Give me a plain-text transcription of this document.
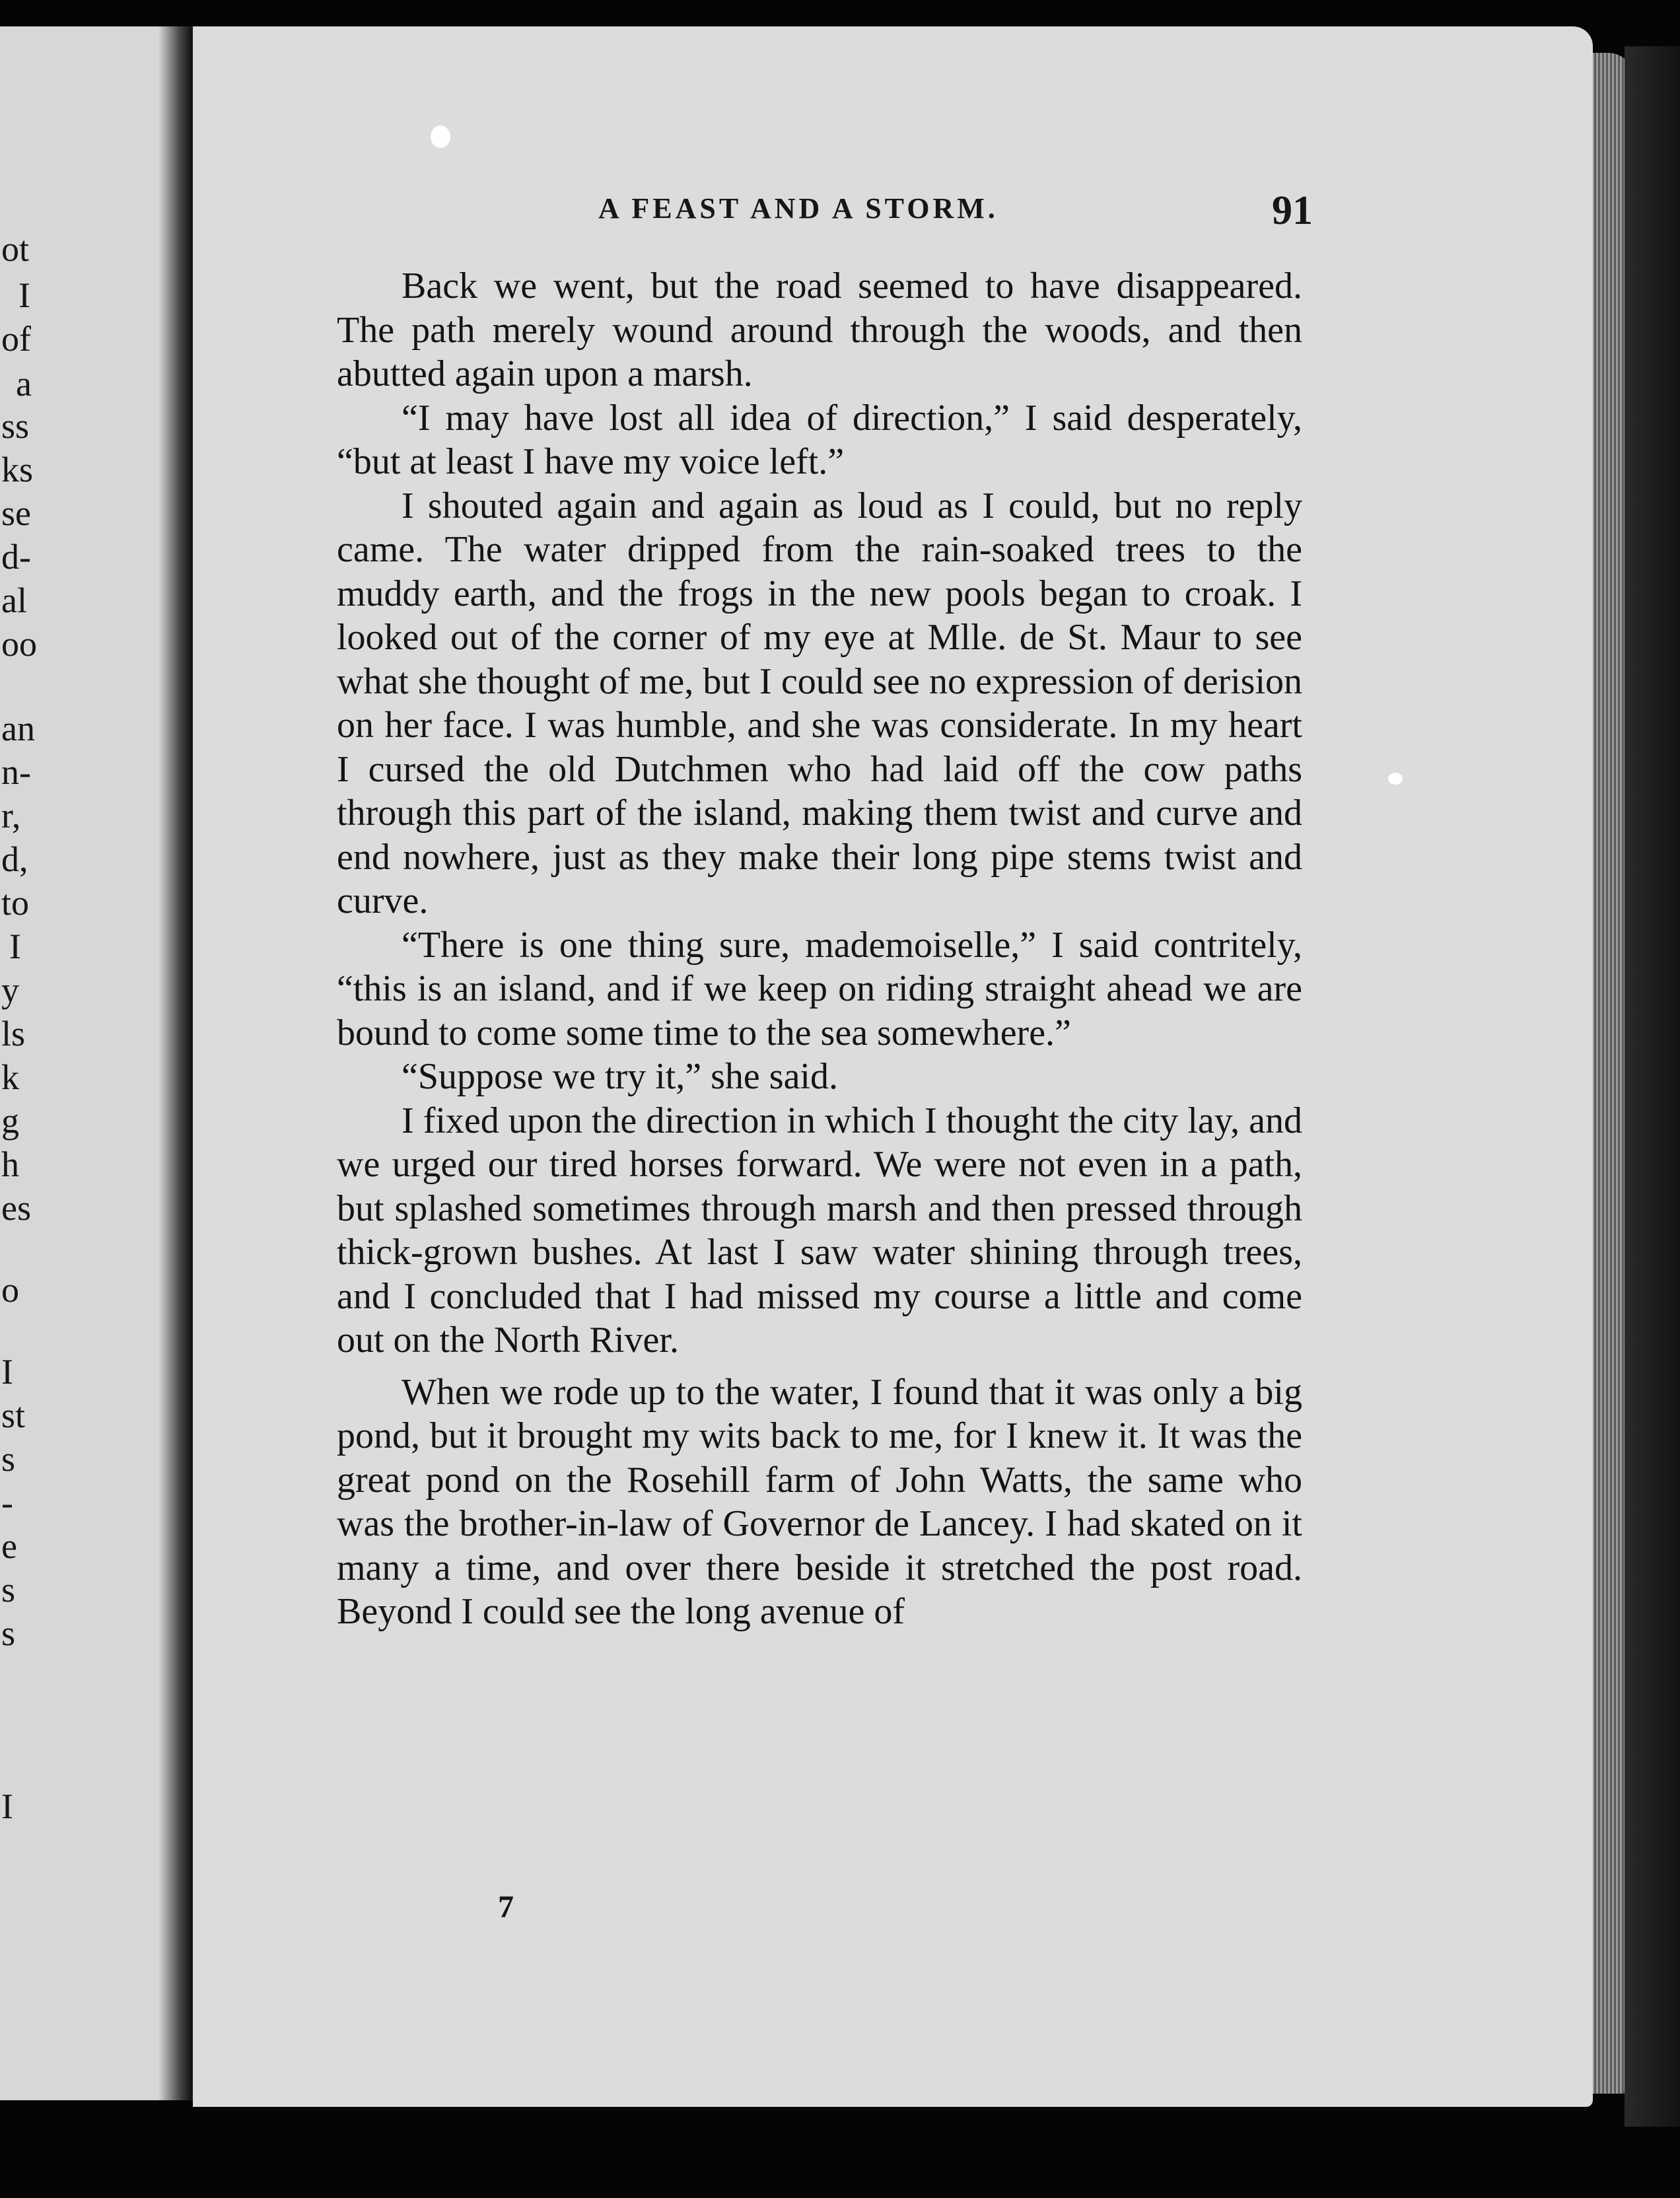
ot
I
of
a
ss
ks
se
d-
al
oo
an
n-
r,
d,
to
I
y
ls
k
g
h
es
o
I
st
s
-
e
s
s
I
A FEAST AND A STORM.	91

Back we went, but the road seemed to have disappeared. The path merely wound around through the woods, and then abutted again upon a marsh.

“I may have lost all idea of direction,” I said desperately, “but at least I have my voice left.”

I shouted again and again as loud as I could, but no reply came. The water dripped from the rain-soaked trees to the muddy earth, and the frogs in the new pools began to croak. I looked out of the corner of my eye at Mlle. de St. Maur to see what she thought of me, but I could see no expression of derision on her face. I was humble, and she was considerate. In my heart I cursed the old Dutchmen who had laid off the cow paths through this part of the island, making them twist and curve and end nowhere, just as they make their long pipe stems twist and curve.

“There is one thing sure, mademoiselle,” I said contritely, “this is an island, and if we keep on riding straight ahead we are bound to come some time to the sea somewhere.”

“Suppose we try it,” she said.

I fixed upon the direction in which I thought the city lay, and we urged our tired horses forward. We were not even in a path, but splashed sometimes through marsh and then pressed through thick-grown bushes. At last I saw water shining through trees, and I concluded that I had missed my course a little and come out on the North River.

When we rode up to the water, I found that it was only a big pond, but it brought my wits back to me, for I knew it. It was the great pond on the Rosehill farm of John Watts, the same who was the brother-in-law of Governor de Lancey. I had skated on it many a time, and over there beside it stretched the post road. Beyond I could see the long avenue of

7
